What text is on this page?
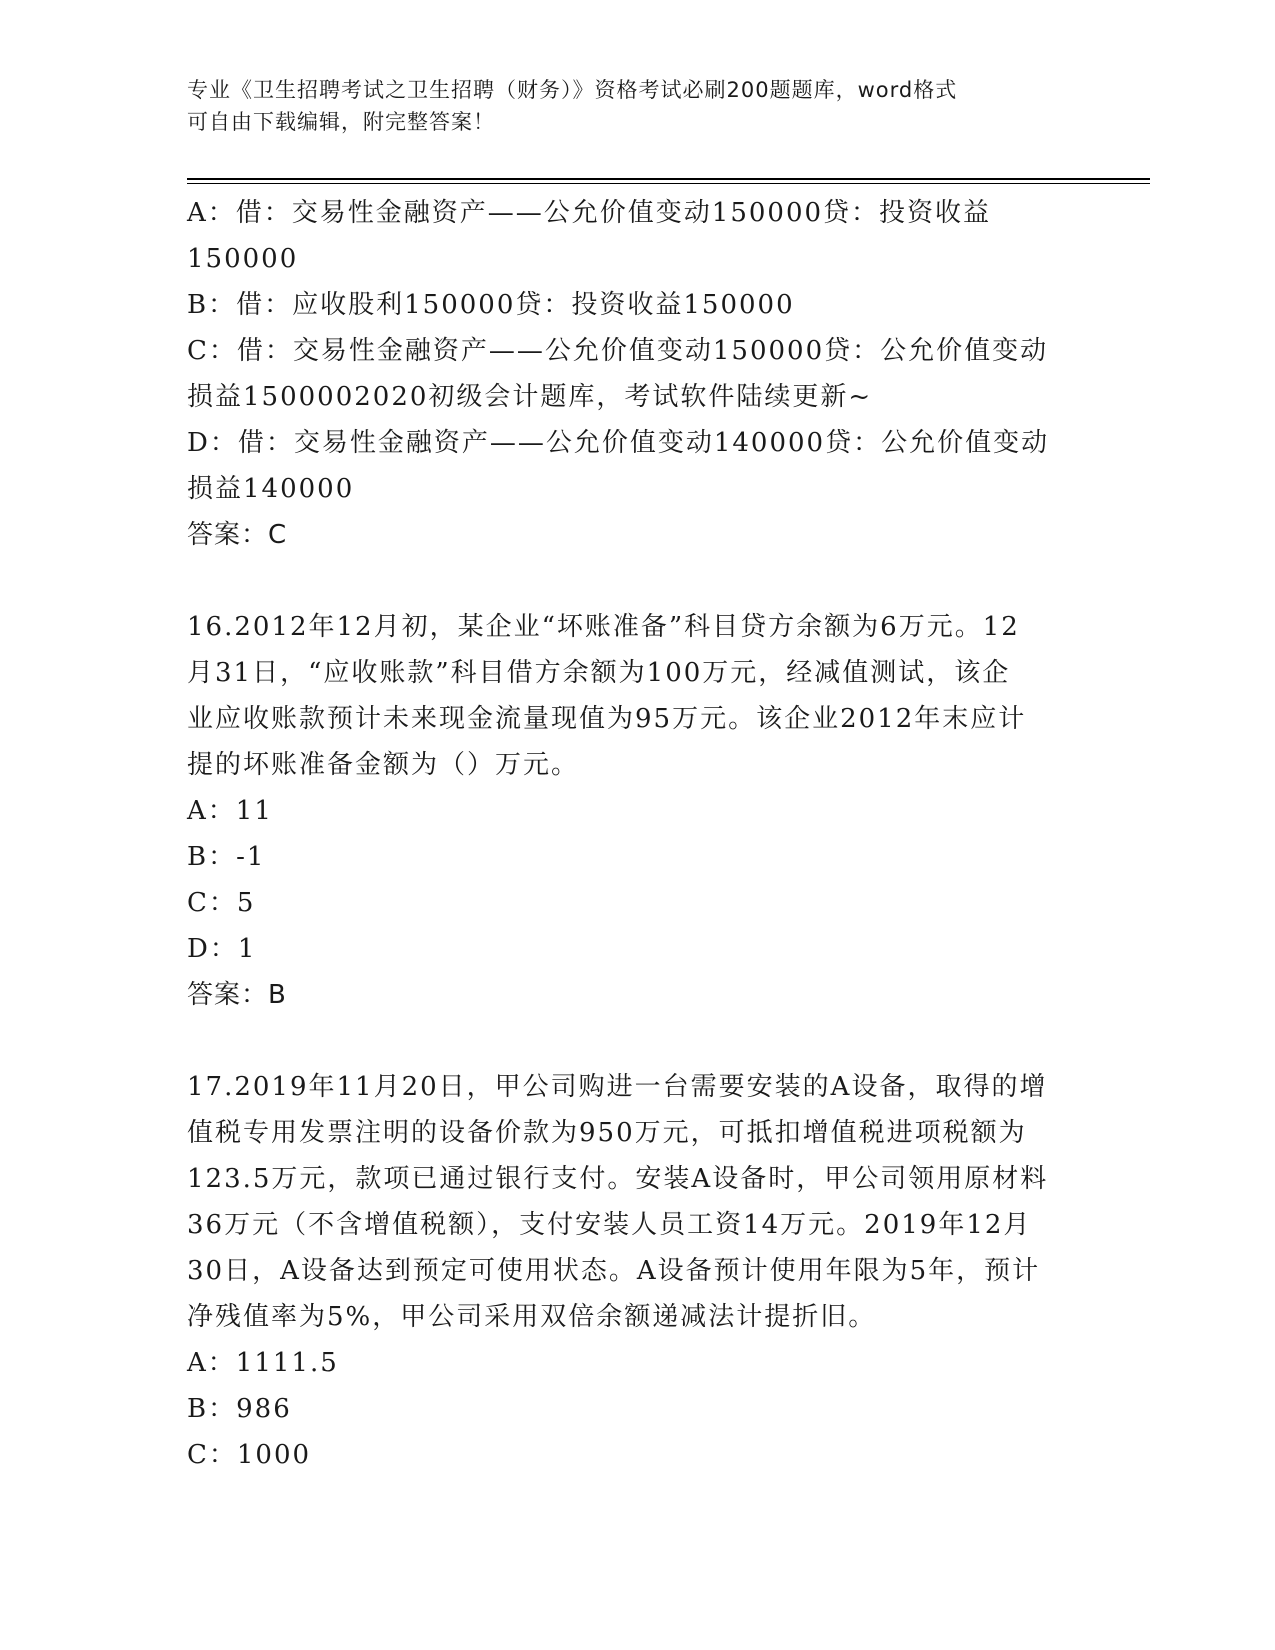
专业《卫生招聘考试之卫生招聘（财务）》资格考试必刷200题题库，word格式
可自由下载编辑，附完整答案！
A：借：交易性金融资产——公允价值变动150000贷：投资收益
150000
B：借：应收股利150000贷：投资收益150000
C：借：交易性金融资产——公允价值变动150000贷：公允价值变动
损益1500002020初级会计题库，考试软件陆续更新~
D：借：交易性金融资产——公允价值变动140000贷：公允价值变动
损益140000
答案：C
16.2012年12月初，某企业“坏账准备”科目贷方余额为6万元。12
月31日，“应收账款”科目借方余额为100万元，经减值测试，该企
业应收账款预计未来现金流量现值为95万元。该企业2012年末应计
提的坏账准备金额为（）万元。
A：11
B：-1
C：5
D：1
答案：B
17.2019年11月20日，甲公司购进一台需要安装的A设备，取得的增
值税专用发票注明的设备价款为950万元，可抵扣增值税进项税额为
123.5万元，款项已通过银行支付。安装A设备时，甲公司领用原材料
36万元（不含增值税额），支付安装人员工资14万元。2019年12月
30日，A设备达到预定可使用状态。A设备预计使用年限为5年，预计
净残值率为5%，甲公司采用双倍余额递减法计提折旧。
A：1111.5
B：986
C：1000
